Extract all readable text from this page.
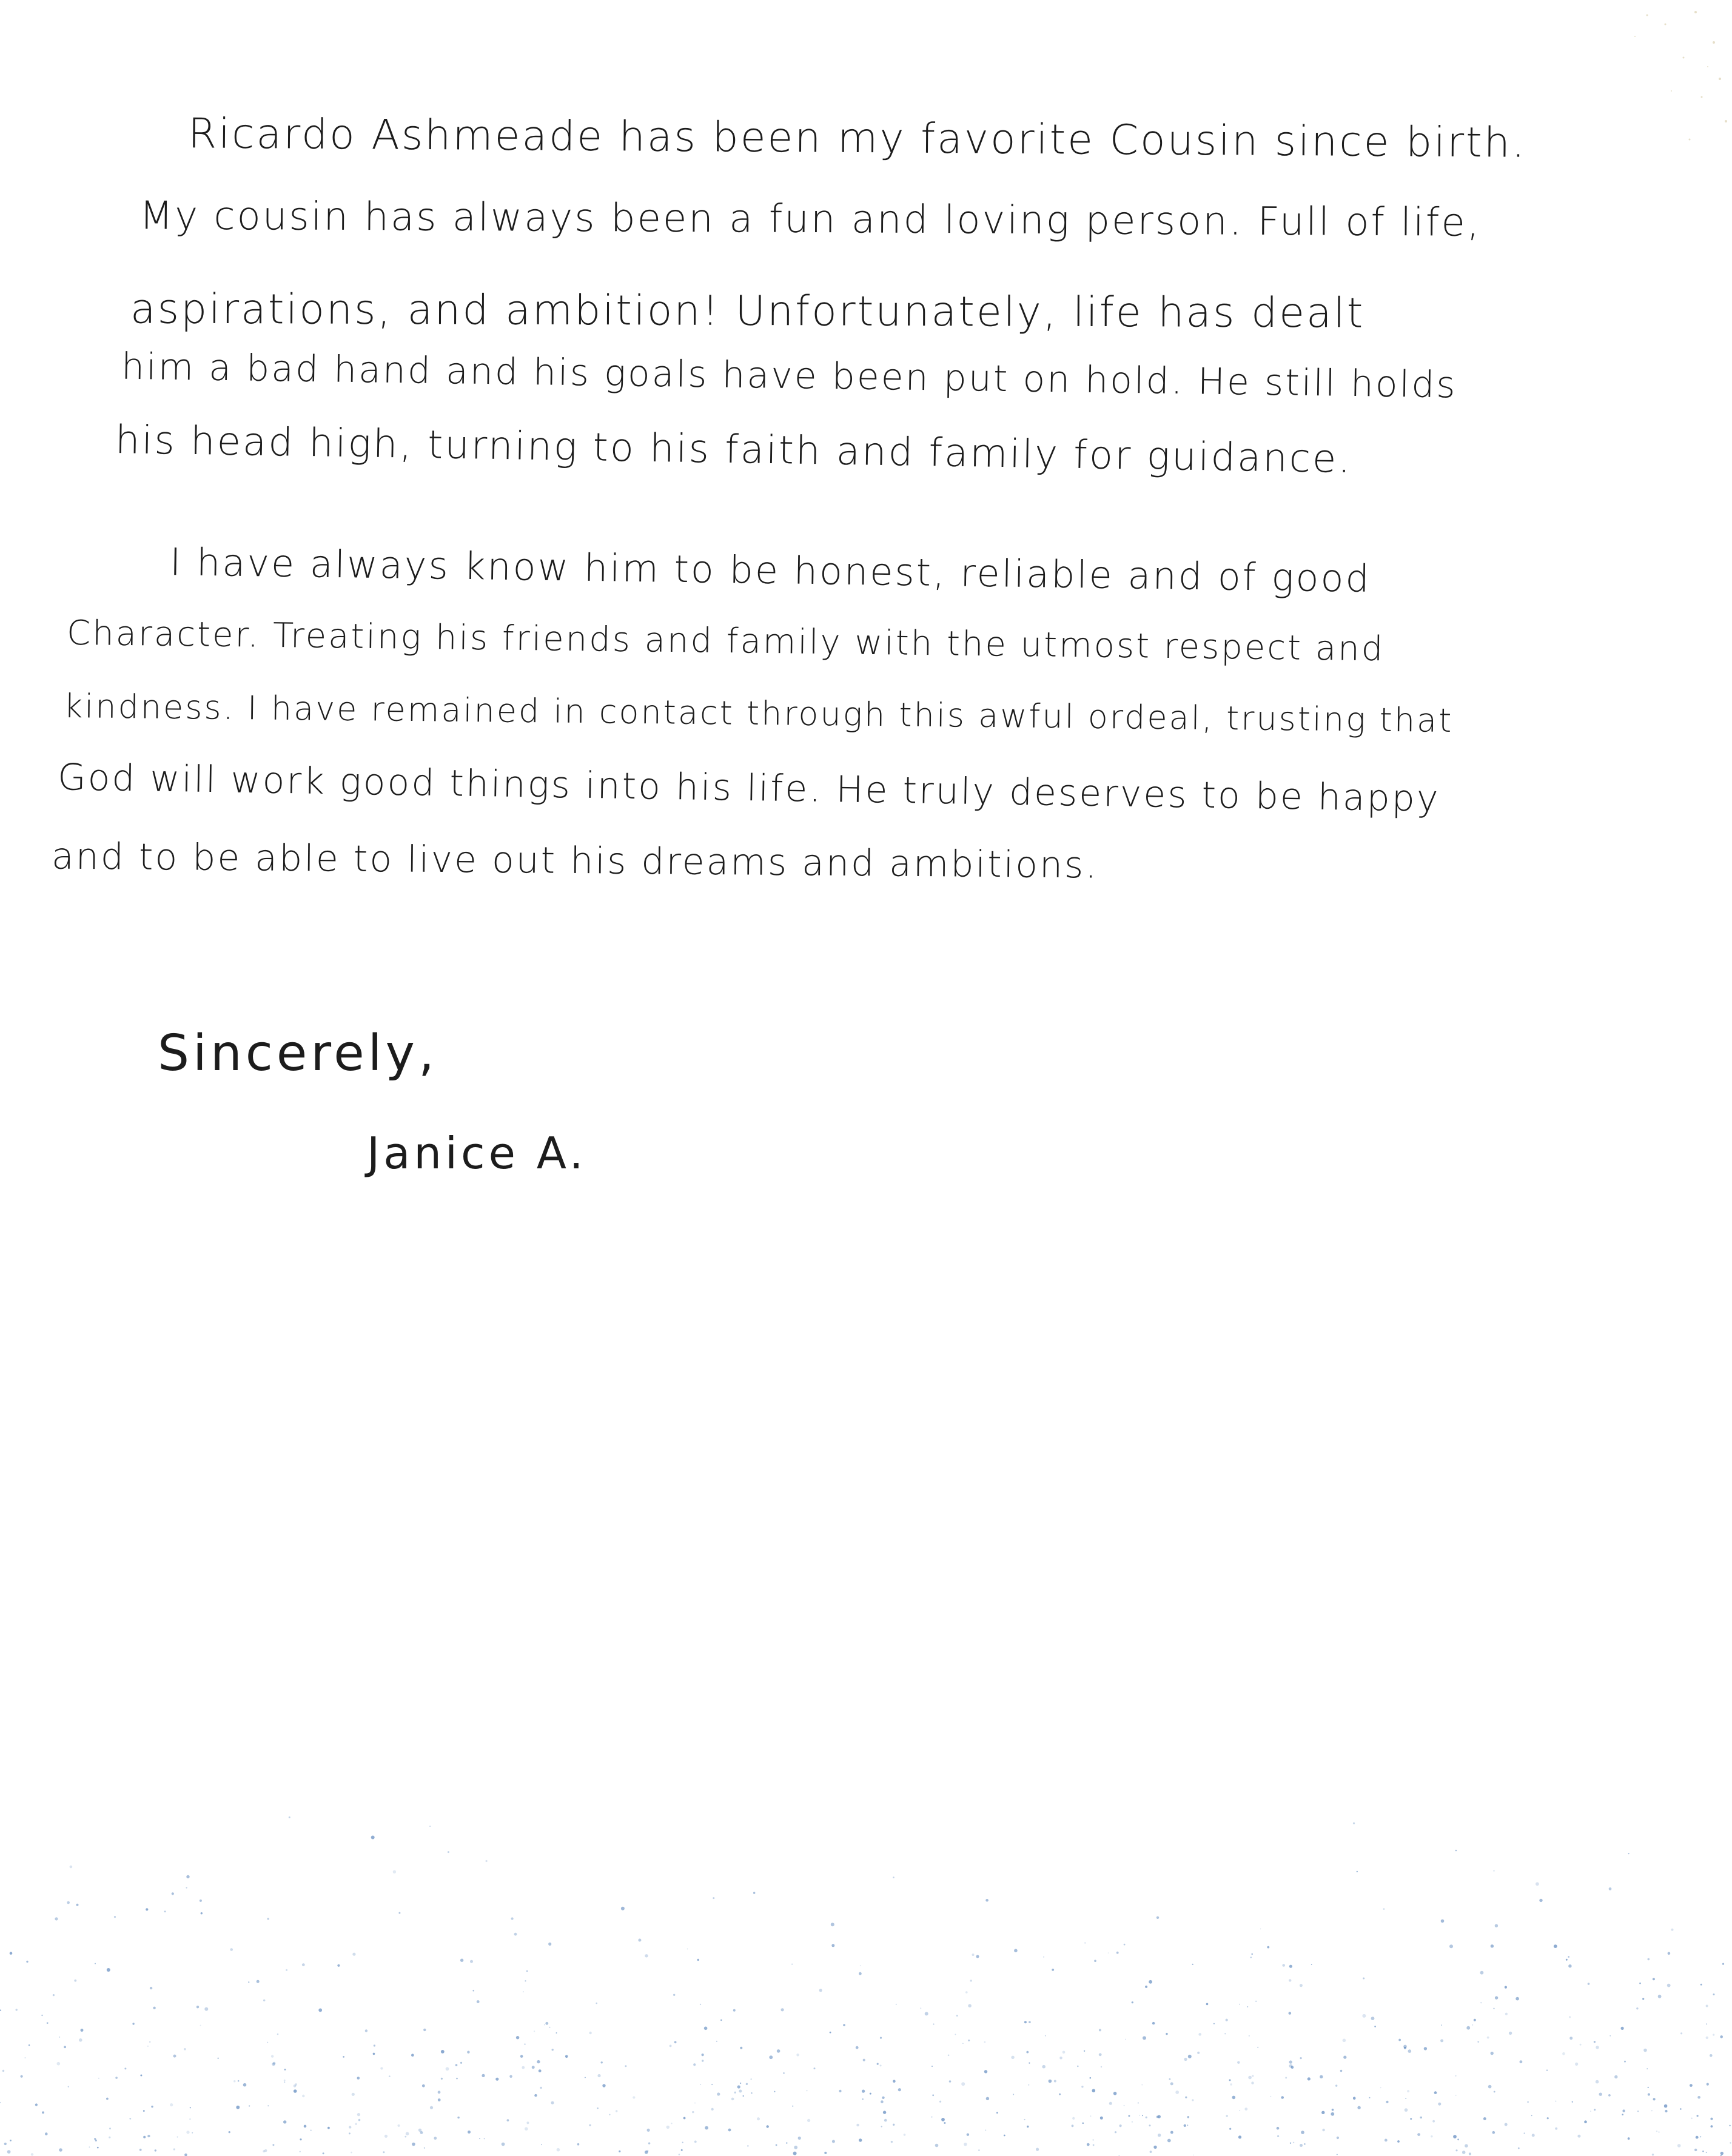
Ricardo Ashmeade has been my favorite Cousin since birth.
My cousin has always been a fun and loving person. Full of life,
aspirations, and ambition! Unfortunately, life has dealt
him a bad hand and his goals have been put on hold. He still holds
his head high, turning to his faith and family for guidance.
I have always know him to be honest, reliable and of good
Character. Treating his friends and family with the utmost respect and
kindness. I have remained in contact through this awful ordeal, trusting that
God will work good things into his life. He truly deserves to be happy
and to be able to live out his dreams and ambitions.
Sincerely,
Janice A.
